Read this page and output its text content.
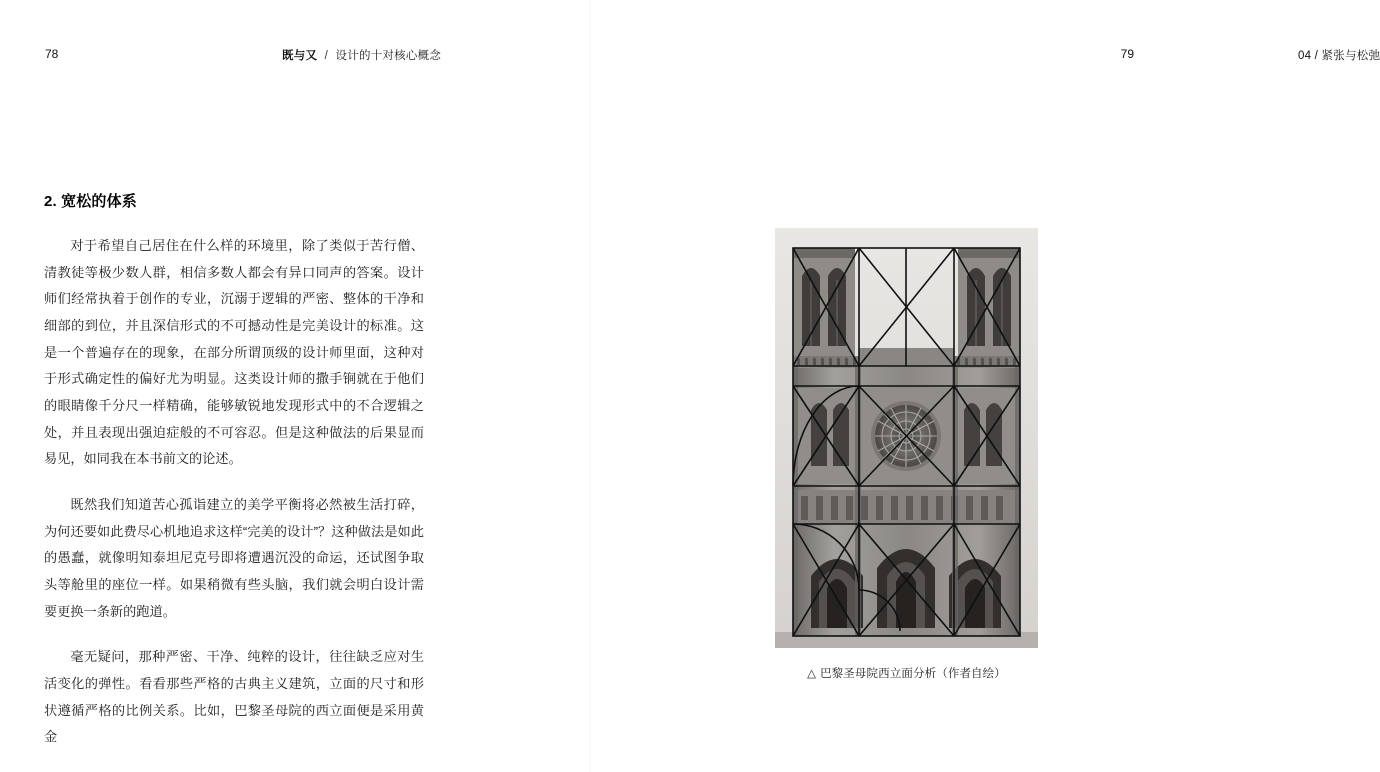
78	既与又 / 设计的十对核心概念
2. 宽松的体系

对于希望自己居住在什么样的环境里，除了类似于苦行僧、清教徒等极少数人群，相信多数人都会有异口同声的答案。设计师们经常执着于创作的专业，沉溺于逻辑的严密、整体的干净和细部的到位，并且深信形式的不可撼动性是完美设计的标准。这是一个普遍存在的现象，在部分所谓顶级的设计师里面，这种对于形式确定性的偏好尤为明显。这类设计师的撒手锏就在于他们的眼睛像千分尺一样精确，能够敏锐地发现形式中的不合逻辑之处，并且表现出强迫症般的不可容忍。但是这种做法的后果显而易见，如同我在本书前文的论述。

既然我们知道苦心孤诣建立的美学平衡将必然被生活打碎，为何还要如此费尽心机地追求这样“完美的设计”？这种做法是如此的愚蠢，就像明知泰坦尼克号即将遭遇沉没的命运，还试图争取头等舱里的座位一样。如果稍微有些头脑，我们就会明白设计需要更换一条新的跑道。

毫无疑问，那种严密、干净、纯粹的设计，往往缺乏应对生活变化的弹性。看看那些严格的古典主义建筑，立面的尺寸和形状遵循严格的比例关系。比如，巴黎圣母院的西立面便是采用黄金

79	04 / 紧张与松弛
△ 巴黎圣母院西立面分析（作者自绘）
